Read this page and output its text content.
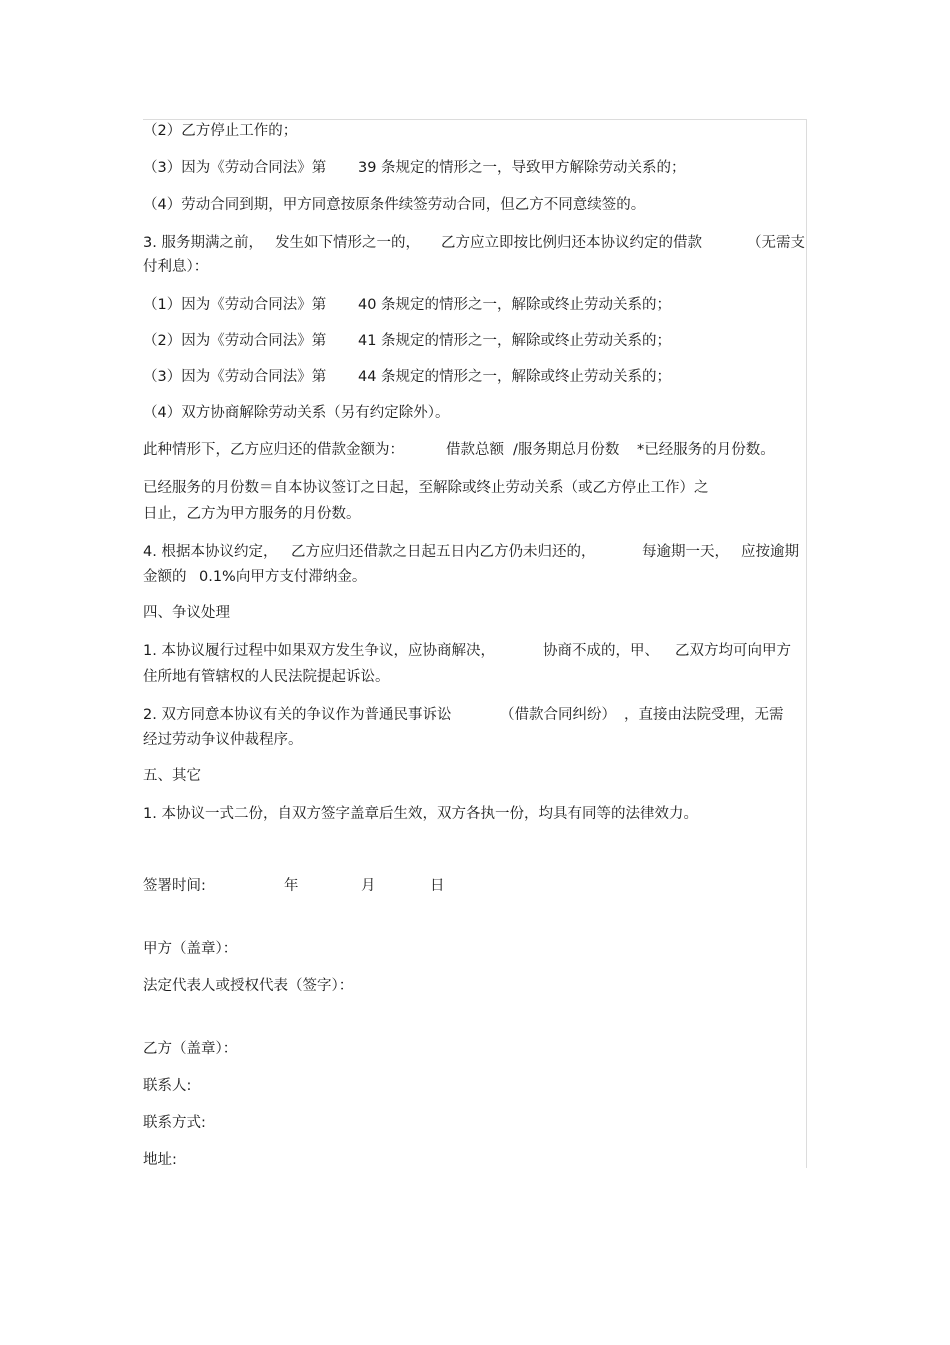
（2）乙方停止工作的；
（3）因为《劳动合同法》第 39 条规定的情形之一，导致甲方解除劳动关系的；
（4）劳动合同到期，甲方同意按原条件续签劳动合同，但乙方不同意续签的。
3. 服务期满之前， 发生如下情形之一的， 乙方应立即按比例归还本协议约定的借款	（无需支
付利息）：
（1）因为《劳动合同法》第 40 条规定的情形之一，解除或终止劳动关系的；
（2）因为《劳动合同法》第 41 条规定的情形之一，解除或终止劳动关系的；
（3）因为《劳动合同法》第 44 条规定的情形之一，解除或终止劳动关系的；
（4）双方协商解除劳动关系（另有约定除外）。
此种情形下，乙方应归还的借款金额为：	借款总额 /服务期总月份数 *已经服务的月份数。
已经服务的月份数＝自本协议签订之日起，至解除或终止劳动关系（或乙方停止工作）之
日止，乙方为甲方服务的月份数。
4. 根据本协议约定， 乙方应归还借款之日起五日内乙方仍未归还的，	每逾期一天， 应按逾期
金额的 0.1%向甲方支付滞纳金。
四、争议处理
1. 本协议履行过程中如果双方发生争议，应协商解决，	协商不成的，甲、 乙双方均可向甲方
住所地有管辖权的人民法院提起诉讼。
2. 双方同意本协议有关的争议作为普通民事诉讼	（借款合同纠纷） ，直接由法院受理，无需
经过劳动争议仲裁程序。
五、其它
1. 本协议一式二份，自双方签字盖章后生效，双方各执一份，均具有同等的法律效力。
签署时间:	年	月	日
甲方（盖章）：
法定代表人或授权代表（签字）：
乙方（盖章）：
联系人:
联系方式:
地址:
